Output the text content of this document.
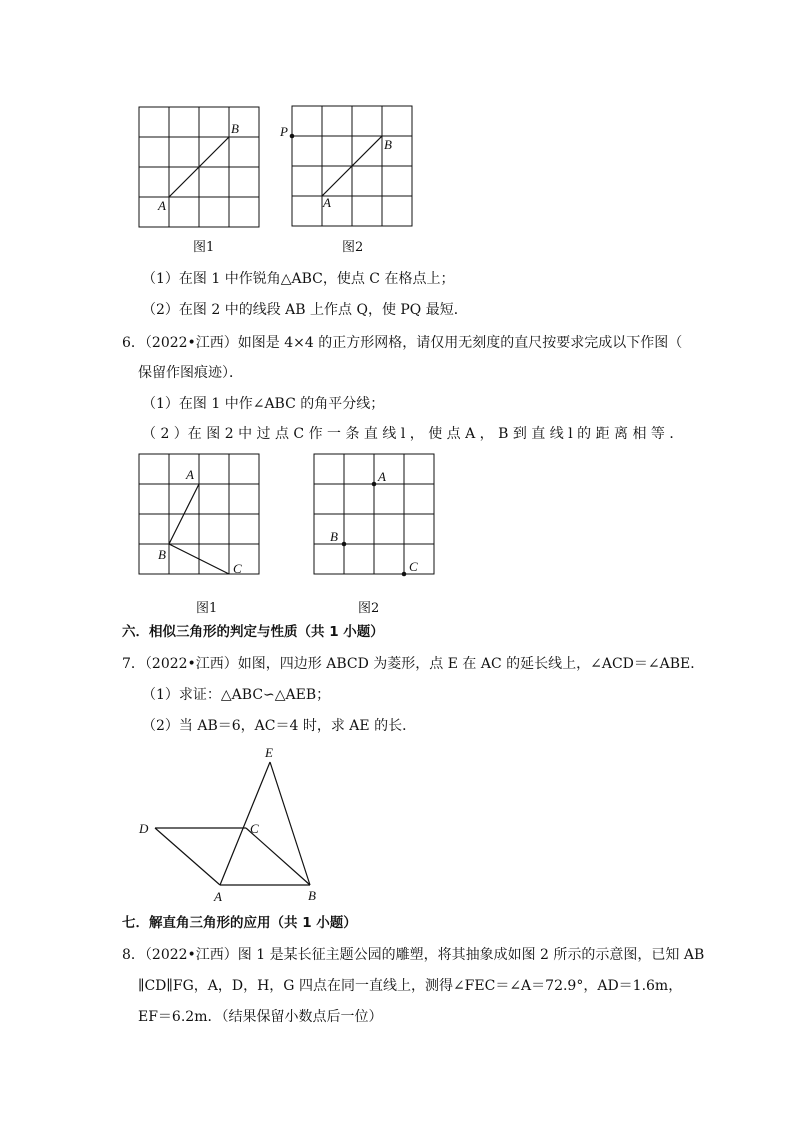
A
B
图1
P
A
B
图2
（1）在图 1 中作锐角△ABC，使点 C 在格点上；
（2）在图 2 中的线段 AB 上作点 Q，使 PQ 最短．
6．（2022•江西）如图是 4×4 的正方形网格，请仅用无刻度的直尺按要求完成以下作图（
保留作图痕迹）．
（1）在图 1 中作∠ABC 的角平分线；
（ 2 ）在 图 2 中 过 点 C 作 一 条 直 线 l ， 使 点 A ， B 到 直 线 l 的 距 离 相 等 ．
A
B
C
图1
A
B
C
图2
六．相似三角形的判定与性质（共 1 小题）
7．（2022•江西）如图，四边形 ABCD 为菱形，点 E 在 AC 的延长线上，∠ACD＝∠ABE．
（1）求证：△ABC∽△AEB；
（2）当 AB＝6，AC＝4 时，求 AE 的长．
E
D	C
A	B
七．解直角三角形的应用（共 1 小题）
8．（2022•江西）图 1 是某长征主题公园的雕塑，将其抽象成如图 2 所示的示意图，已知 AB
∥CD∥FG，A，D，H，G 四点在同一直线上，测得∠FEC＝∠A＝72.9°，AD＝1.6m，
EF＝6.2m．（结果保留小数点后一位）
